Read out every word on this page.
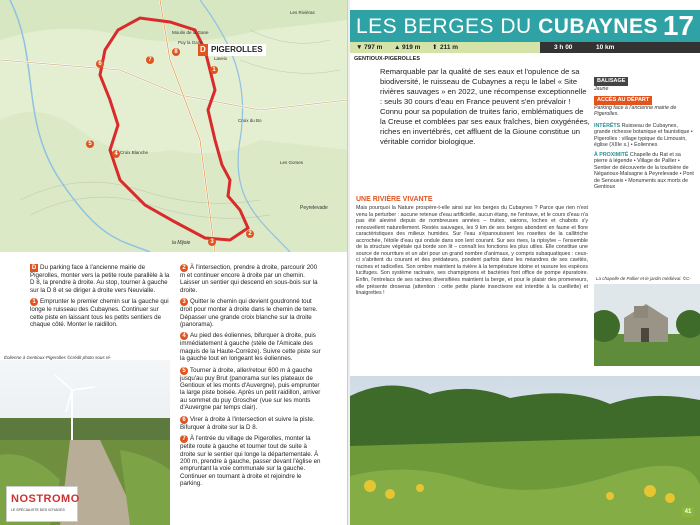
D PIGEROLLES
1
2
3
4
5
6
7
8
Moulin de la Gane
Puy la Gane
Laveix
Croix Blanche
la Mijoie
Croix du Bo
Les Gorses
Les Rivièras
Peyrelevade

D Du parking face à l'ancienne mairie de Pigerolles, monter vers la petite route parallèle à la D 8, la prendre à droite. Au stop, tourner à gauche sur la D 8 et se diriger à droite vers Neuvialle.

1 Emprunter le premier chemin sur la gauche qui longe le ruisseau des Cubaynes. Continuer sur cette piste en laissant tous les petits sentiers de chaque côté. Monter le raidillon.

2 À l'intersection, prendre à droite, parcourir 200 m et continuer encore à droite par un chemin. Laisser un sentier qui descend en sous-bois sur la droite.

3 Quitter le chemin qui devient goudronné tout droit pour monter à droite dans le chemin de terre. Dépasser une grande croix blanche sur la droite (panorama).

4 Au pied des éoliennes, bifurquer à droite, puis immédiatement à gauche (stèle de l'Amicale des maquis de la Haute-Corrèze). Suivre cette piste sur la gauche tout en longeant les éoliennes.

5 Tourner à droite, aller/retour 600 m à gauche jusqu'au puy Brut (panorama sur les plateaux de Gentioux et les monts d'Auvergne), puis emprunter la large piste boisée. Après un petit raidillon, arriver au sommet du puy Groscher (vue sur les monts d'Auvergne par temps clair).

6 Virer à droite à l'intersection et suivre la piste. Bifurquer à droite sur la D 8.

7 À l'entrée du village de Pigerolles, monter la petite route à gauche et tourner tout de suite à droite sur le sentier qui longe la départementale. À 200 m, prendre à gauche, passer devant l'église en empruntant la voie communale sur la gauche. Continuer en tournant à droite et rejoindre le parking.

Éolienne à Gentioux-Pigerolles ©crédit photo sous ré-
NOSTROMO
LE SPÉCIALISTE DES VOYAGES
LES BERGES DU CUBAYNES 17
▼ 797 m ▲ 919 m ⬆ 211 m	3 h 00	10 km
GENTIOUX-PIGEROLLES
Remarquable par la qualité de ses eaux et l'opulence de sa biodiversité, le ruisseau de Cubaynes a reçu le label « Site rivières sauvages » en 2022, une récompense exceptionnelle : seuls 30 cours d'eau en France peuvent s'en prévaloir ! Connu pour sa population de truites fario, emblématiques de la Creuse et comblées par ses eaux fraîches, bien oxygénées, riches en invertébrés, cet affluent de la Gioune constitue un véritable corridor biologique.
UNE RIVIÈRE VIVANTE
Mais pourquoi la Nature prospère-t-elle ainsi sur les berges du Cubaynes ? Parce que rien n'est venu la perturber : aucune retenue d'eau artificielle, aucun étang, ne l'entrave, et le cours d'eau n'a pas été aleviné depuis de nombreuses années – truites, vairons, loches et chabots s'y renouvellent naturellement. Restés sauvages, les 9 km de ses berges abondent en faune et flore caractéristiques des milieux humides. Sur l'eau s'épanouissent les rosettes de la callitriche accrochée, l'étoile d'eau qui ondule dans son lent courant. Sur ses rives, la ripisylve – l'ensemble de la structure végétale qui borde son lit – connaît les fonctions les plus utiles. Elle constitue une source de nourriture et un abri pour un grand nombre d'animaux, y compris subaquatiques : ceux-ci s'abritent du courant et des prédateurs, pondent parfois dans les méandres de ses cavités, racines et radicelles. Son ombre maintient la rivière à la température idoine et rassure les espèces lucifuges. Son système racinaire, ses champignons et bactéries font office de pompe épuratoire. Enfin, l'entrelacs de ses racines diversifiées maintient la berge, et pour le plaisir des promeneurs, elle présente droseras (attention : cette petite plante insectivore est interdite à la cueillette) et linaigrettes !
BALISAGE
Jaune
ACCÈS AU DÉPART
Parking face à l'ancienne mairie de Pigerolles.
INTÉRÊTS Ruisseau de Cubaynes, grande richesse botanique et faunistique • Pigerolles : village typique du Limousin, église (XIIIe s.) • Éoliennes
À PROXIMITÉ Chapelle du Rat et sa pierre à légende • Village de Pallier • Sentier de découverte de la tourbière de Négarioux-Malsagne à Peyrelevade • Pont de Senoueix • Monuments aux morts de Gentioux
La chapelle de Pallier et le jardin médiéval. ©C-
41
